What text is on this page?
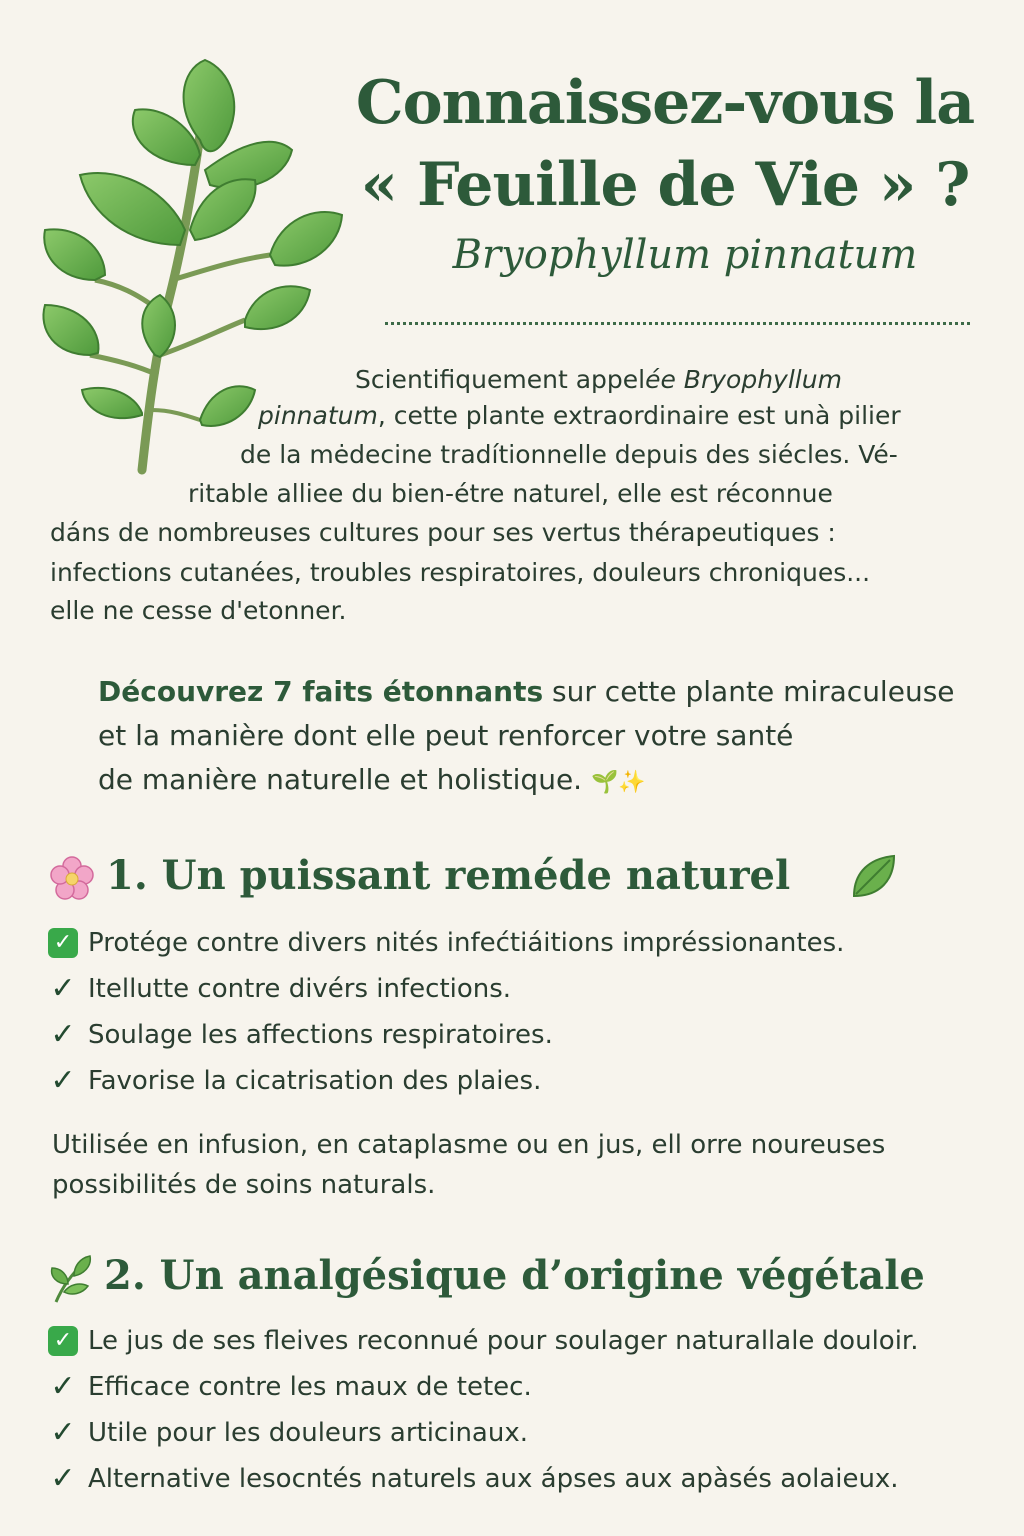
Connaissez-vous la
« Feuille de Vie » ?

Bryophyllum pinnatum

Scientifiquement appelée Bryophyllum
pinnatum, cette plante extraordinaire est unà pilier
de la mėdecine tradítionnelle depuis des siécles. Vé-
ritable alliee du bien-étre naturel, elle est réconnue
dáns de nombreuses cultures pour ses vertus thérapeutiques :
infections cutanées, troubles respiratoires, douleurs chroniques...
elle ne cesse d'etonner.

Découvrez 7 faits étonnants sur cette plante miraculeuse
et la manière dont elle peut renforcer votre santé
de manière naturelle et holistique. 🌱✨

1. Un puissant reméde naturel
✓ Protége contre divers nités infećtiáitions impréssionantes.
✓ Itellutte contre divérs infections.
✓ Soulage les affections respiratoires.
✓ Favorise la cicatrisation des plaies.

Utilisée en infusion, en cataplasme ou en jus, ell orre noureuses
possibilités de soins naturals.

2. Un analgésique d’origine végétale
✓ Le jus de ses fleives reconnué pour soulager naturallale douloir.
✓ Efficace contre les maux de tetec.
✓ Utile pour les douleurs articinaux.
✓ Alternative lesocntés naturels aux ápses aux apàsés aolaieux.
